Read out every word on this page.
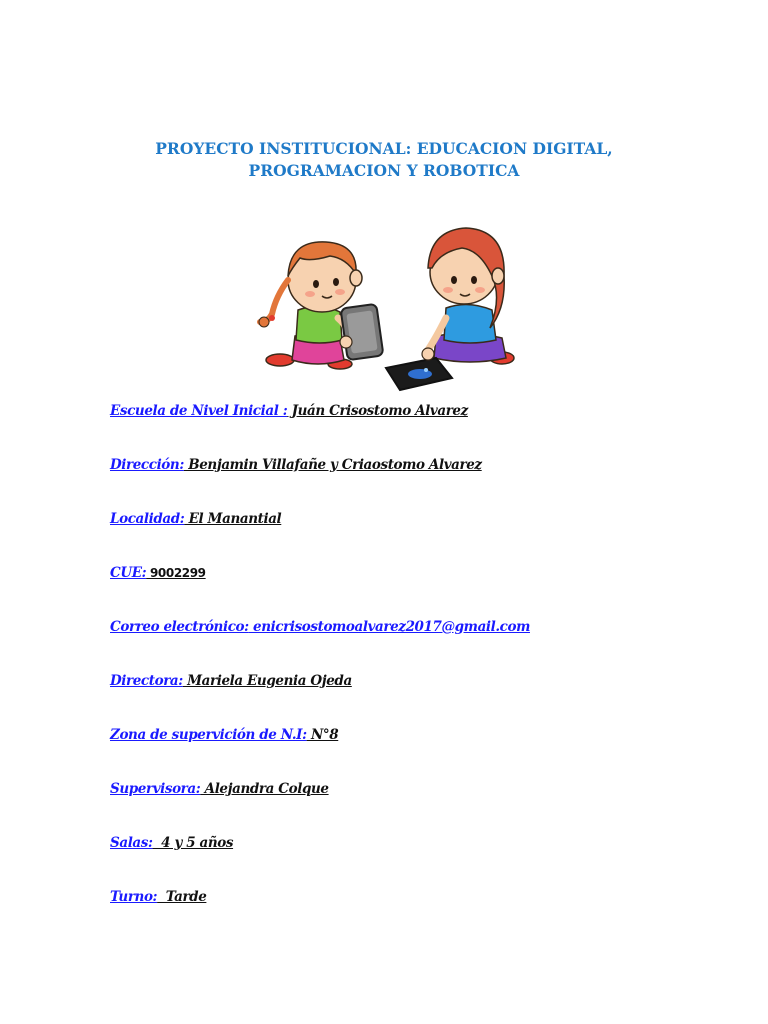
PROYECTO INSTITUCIONAL: EDUCACION DIGITAL,
PROGRAMACION Y ROBOTICA
Escuela de Nivel Inicial : Juán Crisostomo Alvarez
Dirección: Benjamin Villafañe y Criaostomo Alvarez
Localidad: El Manantial
CUE: 9002299
Correo electrónico: enicrisostomoalvarez2017@gmail.com
Directora: Mariela Eugenia Ojeda
Zona de supervición de N.I: N°8
Supervisora: Alejandra Colque
Salas:  4 y 5 años
Turno:  Tarde
